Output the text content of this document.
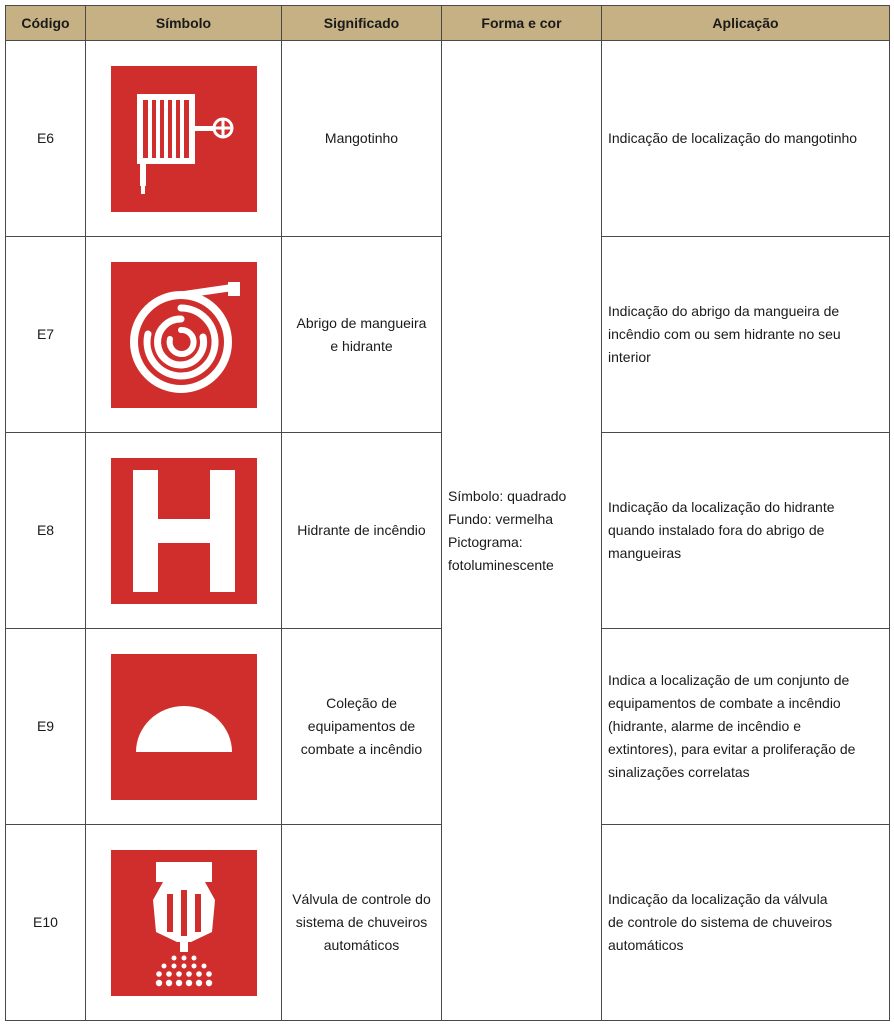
Código	Símbolo	Significado	Forma e cor	Aplicação
E6		Mangotinho	Símbolo: quadrado
Fundo: vermelha
Pictograma:
fotoluminescente	Indicação de localização do mangotinho

E7		Abrigo de mangueira
e hidrante		Indicação do abrigo da mangueira de
incêndio com ou sem hidrante no seu
interior

E8		Hidrante de incêndio		Indicação da localização do hidrante
quando instalado fora do abrigo de
mangueiras

E9		Coleção de
equipamentos de
combate a incêndio		Indica a localização de um conjunto de
equipamentos de combate a incêndio
(hidrante, alarme de incêndio e
extintores), para evitar a proliferação de
sinalizações correlatas

E10		Válvula de controle do
sistema de chuveiros
automáticos		Indicação da localização da válvula
de controle do sistema de chuveiros
automáticos
